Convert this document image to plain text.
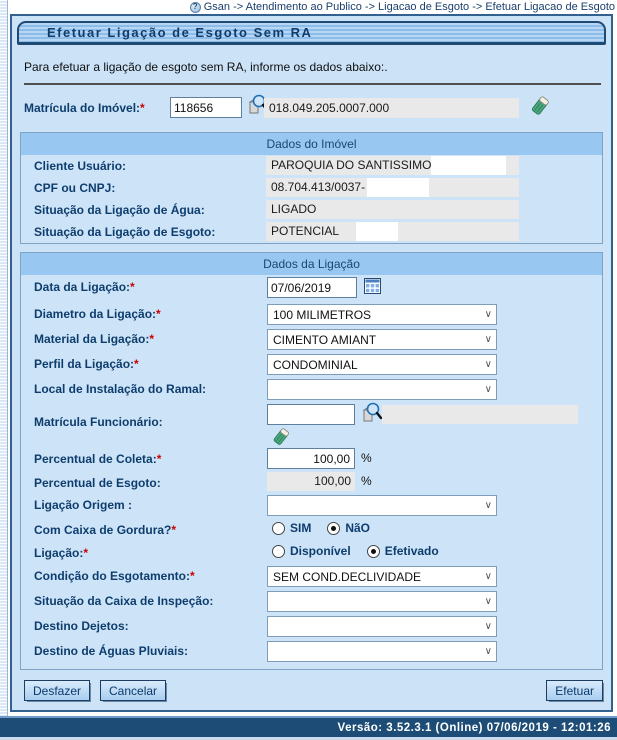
? Gsan -> Atendimento ao Publico -> Ligacao de Esgoto -> Efetuar Ligacao de Esgoto
Efetuar Ligação de Esgoto Sem RA
Para efetuar a ligação de esgoto sem RA, informe os dados abaixo:.
Matrícula do Imóvel:*
118656	018.049.205.0007.000
Dados do Imóvel
Cliente Usuário:	PAROQUIA DO SANTISSIMO
CPF ou CNPJ:	08.704.413/0037-
Situação da Ligação de Água:	LIGADO
Situação da Ligação de Esgoto:	POTENCIAL
Dados da Ligação
Data da Ligação:*
07/06/2019
Diametro da Ligação:*	100 MILIMETROS	∨
Material da Ligação:*	CIMENTO AMIANT	∨
Perfil da Ligação:*	CONDOMINIAL	∨
Local de Instalação do Ramal:	∨
Matrícula Funcionário:
Percentual de Coleta:*
100,00	%
Percentual de Esgoto:	100,00 %
Ligação Origem :	∨
Com Caixa de Gordura?*	SIM	NãO
Ligação:*	Disponível	Efetivado
Condição do Esgotamento:*	SEM COND.DECLIVIDADE	∨
Situação da Caixa de Inspeção:	∨
Destino Dejetos:	∨
Destino de Águas Pluviais:	∨
Desfazer	Cancelar	Efetuar
Versão: 3.52.3.1 (Online) 07/06/2019 - 12:01:26
